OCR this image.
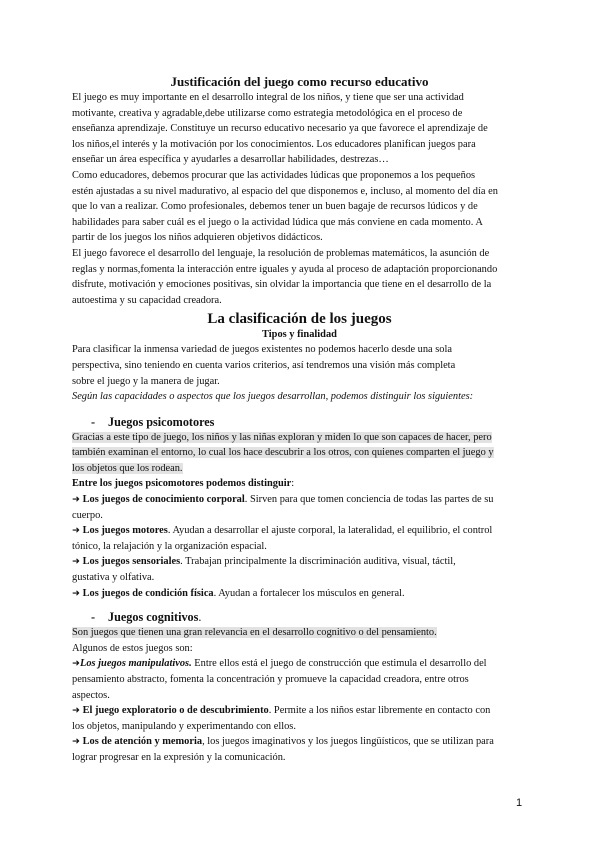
Justificación del juego como recurso educativo

El juego es muy importante en el desarrollo integral de los niños, y tiene que ser una actividad

motivante, creativa y agradable,debe utilizarse como estrategia metodológica en el proceso de

enseñanza aprendizaje. Constituye un recurso educativo necesario ya que favorece el aprendizaje de

los niños,el interés y la motivación por los conocimientos. Los educadores planifican juegos para

enseñar un área específica y ayudarles a desarrollar habilidades, destrezas…

Como educadores, debemos procurar que las actividades lúdicas que proponemos a los pequeños

estén ajustadas a su nivel madurativo, al espacio del que disponemos e, incluso, al momento del día en

que lo van a realizar. Como profesionales, debemos tener un buen bagaje de recursos lúdicos y de

habilidades para saber cuál es el juego o la actividad lúdica que más conviene en cada momento. A

partir de los juegos los niños adquieren objetivos didácticos.

El juego favorece el desarrollo del lenguaje, la resolución de problemas matemáticos, la asunción de

reglas y normas,fomenta la interacción entre iguales y ayuda al proceso de adaptación proporcionando

disfrute, motivación y emociones positivas, sin olvidar la importancia que tiene en el desarrollo de la

autoestima y su capacidad creadora.

La clasificación de los juegos

Tipos y finalidad

Para clasificar la inmensa variedad de juegos existentes no podemos hacerlo desde una sola

perspectiva, sino teniendo en cuenta varios criterios, así tendremos una visión más completa

sobre el juego y la manera de jugar.

Según las capacidades o aspectos que los juegos desarrollan, podemos distinguir los siguientes:

- Juegos psicomotores

Gracias a este tipo de juego, los niños y las niñas exploran y miden lo que son capaces de hacer, pero

también examinan el entorno, lo cual los hace descubrir a los otros, con quienes comparten el juego y

los objetos que los rodean.

Entre los juegos psicomotores podemos distinguir:

➜ Los juegos de conocimiento corporal. Sirven para que tomen conciencia de todas las partes de su

cuerpo.

➜ Los juegos motores. Ayudan a desarrollar el ajuste corporal, la lateralidad, el equilibrio, el control

tónico, la relajación y la organización espacial.

➜ Los juegos sensoriales. Trabajan principalmente la discriminación auditiva, visual, táctil,

gustativa y olfativa.

➜ Los juegos de condición física. Ayudan a fortalecer los músculos en general.

- Juegos cognitivos.

Son juegos que tienen una gran relevancia en el desarrollo cognitivo o del pensamiento.

Algunos de estos juegos son:

➜Los juegos manipulativos. Entre ellos está el juego de construcción que estimula el desarrollo del

pensamiento abstracto, fomenta la concentración y promueve la capacidad creadora, entre otros

aspectos.

➜ El juego exploratorio o de descubrimiento. Permite a los niños estar libremente en contacto con

los objetos, manipulando y experimentando con ellos.

➜ Los de atención y memoria, los juegos imaginativos y los juegos lingüísticos, que se utilizan para

lograr progresar en la expresión y la comunicación.

1
